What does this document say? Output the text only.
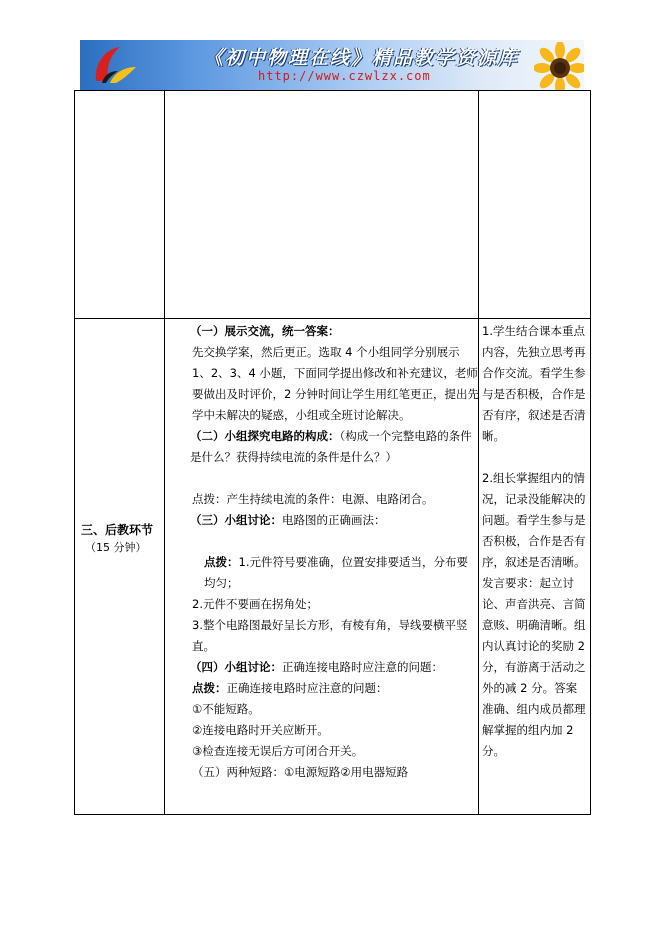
《初中物理在线》精品教学资源库
http://www.czwlzx.com
三、后教环节
（15 分钟）

（一）展示交流，统一答案：

先交换学案，然后更正。选取 4 个小组同学分别展示 1、2、3、4 小题，下面同学提出修改和补充建议，老师要做出及时评价，2 分钟时间让学生用红笔更正，提出先学中未解决的疑惑，小组或全班讨论解决。

（二）小组探究电路的构成：（构成一个完整电路的条件是什么？获得持续电流的条件是什么？）

点拨：产生持续电流的条件：电源、电路闭合。

（三）小组讨论：电路图的正确画法：

点拨：1.元件符号要准确，位置安排要适当，分布要均匀；

2.元件不要画在拐角处；

3.整个电路图最好呈长方形，有棱有角，导线要横平竖直。

（四）小组讨论：正确连接电路时应注意的问题：

点拨：正确连接电路时应注意的问题：

①不能短路。

②连接电路时开关应断开。

③检查连接无误后方可闭合开关。

（五）两种短路：①电源短路②用电器短路

1.学生结合课本重点内容，先独立思考再合作交流。看学生参与是否积极，合作是否有序，叙述是否清晰。

2.组长掌握组内的情况，记录没能解决的问题。看学生参与是否积极，合作是否有序，叙述是否清晰。发言要求：起立讨论、声音洪亮、言简意赅、明确清晰。组内认真讨论的奖励 2 分，有游离于活动之外的减 2 分。答案准确、组内成员都理解掌握的组内加 2 分。
